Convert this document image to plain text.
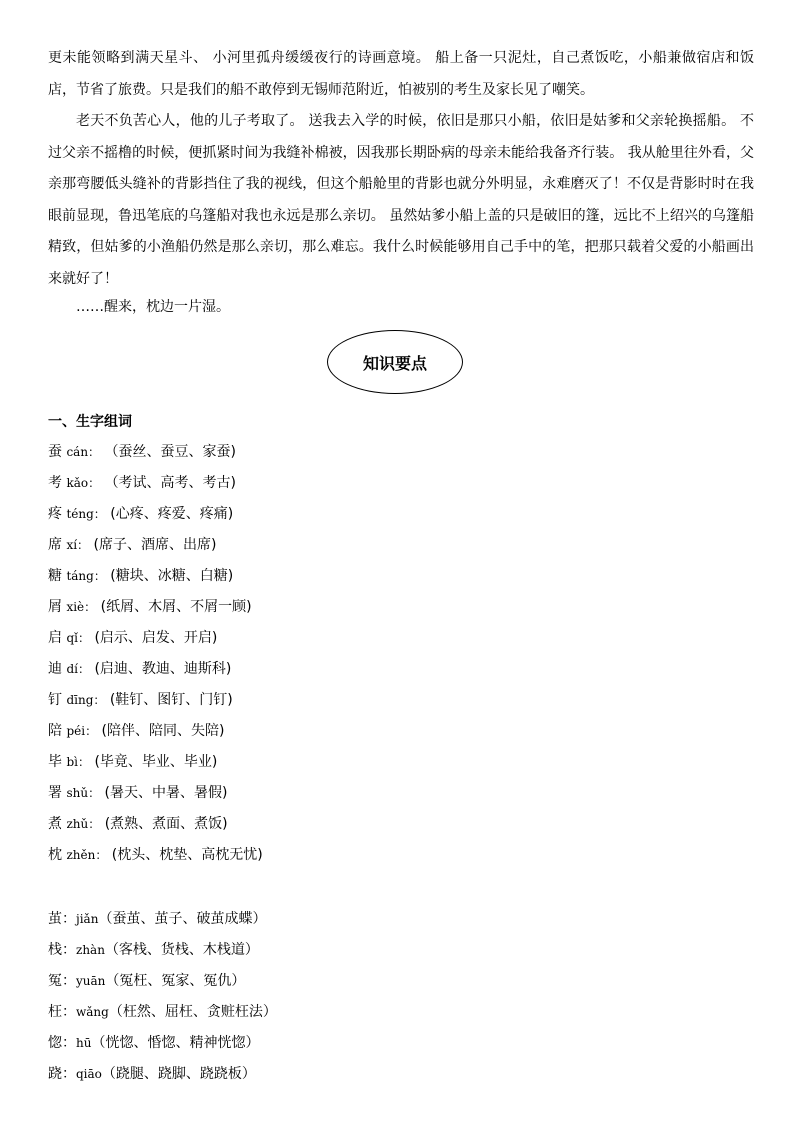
更未能领略到满天星斗、 小河里孤舟缓缓夜行的诗画意境。 船上备一只泥灶，自己煮饭吃，小船兼做宿店和饭店，节省了旅费。只是我们的船不敢停到无锡师范附近，怕被别的考生及家长见了嘲笑。

老天不负苦心人，他的儿子考取了。 送我去入学的时候，依旧是那只小船，依旧是姑爹和父亲轮换摇船。 不过父亲不摇橹的时候，便抓紧时间为我缝补棉被，因我那长期卧病的母亲未能给我备齐行装。 我从舱里往外看，父亲那弯腰低头缝补的背影挡住了我的视线，但这个船舱里的背影也就分外明显，永难磨灭了！不仅是背影时时在我眼前显现，鲁迅笔底的乌篷船对我也永远是那么亲切。 虽然姑爹小船上盖的只是破旧的篷，远比不上绍兴的乌篷船精致，但姑爹的小渔船仍然是那么亲切，那么难忘。我什么时候能够用自己手中的笔，把那只载着父爱的小船画出来就好了！

……醒来，枕边一片湿。

知识要点
一、生字组词
蚕 cán： （蚕丝、蚕豆、家蚕)
考 kǎo： （考试、高考、考古)
疼 téng： (心疼、疼爱、疼痛)
席 xí： (席子、酒席、出席)
糖 táng： (糖块、冰糖、白糖)
屑 xiè： (纸屑、木屑、不屑一顾)
启 qǐ： (启示、启发、开启)
迪 dí： (启迪、教迪、迪斯科)
钉 dīng： (鞋钉、图钉、门钉)
陪 péi： (陪伴、陪同、失陪)
毕 bì： (毕竟、毕业、毕业)
署 shǔ： (暑天、中暑、暑假)
煮 zhǔ： (煮熟、煮面、煮饭)
枕 zhěn： (枕头、枕垫、高枕无忧)
茧：jiǎn（蚕茧、茧子、破茧成蝶）
栈：zhàn（客栈、货栈、木栈道）
冤：yuān（冤枉、冤家、冤仇）
枉：wǎng（枉然、屈枉、贪赃枉法）
惚：hū（恍惚、惛惚、精神恍惚）
跷：qiāo（跷腿、跷脚、跷跷板）
